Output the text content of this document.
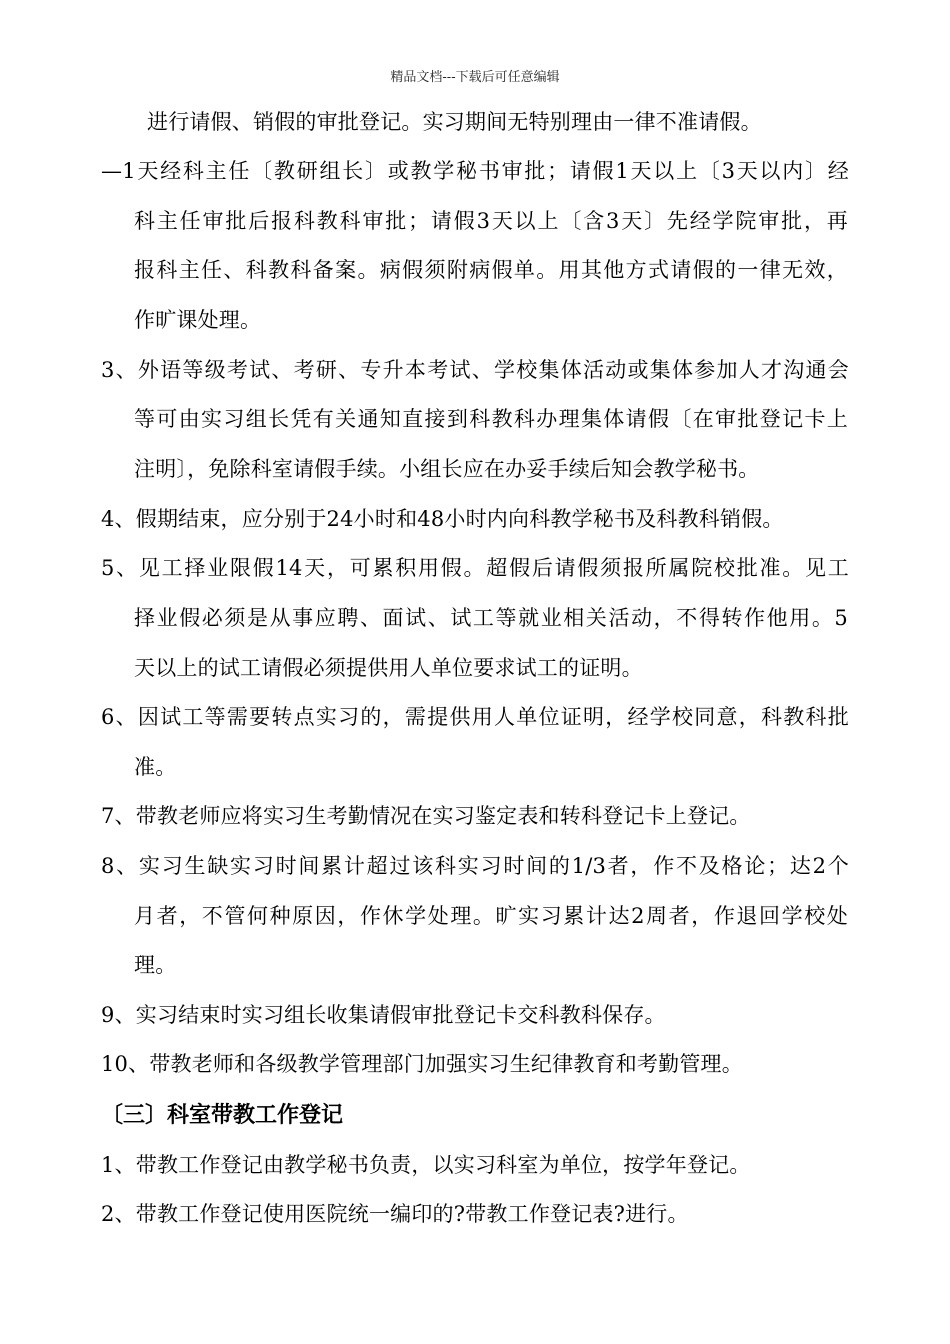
精品文档---下载后可任意编辑
进行请假、销假的审批登记。实习期间无特别理由一律不准请假。
—1天经科主任〔教研组长〕或教学秘书审批；请假1天以上〔3天以内〕经
科主任审批后报科教科审批；请假3天以上〔含3天〕先经学院审批，再
报科主任、科教科备案。病假须附病假单。用其他方式请假的一律无效，
作旷课处理。
3、外语等级考试、考研、专升本考试、学校集体活动或集体参加人才沟通会
等可由实习组长凭有关通知直接到科教科办理集体请假〔在审批登记卡上
注明〕，免除科室请假手续。小组长应在办妥手续后知会教学秘书。
4、假期结束，应分别于24小时和48小时内向科教学秘书及科教科销假。
5、见工择业限假14天，可累积用假。超假后请假须报所属院校批准。见工
择业假必须是从事应聘、面试、试工等就业相关活动，不得转作他用。5
天以上的试工请假必须提供用人单位要求试工的证明。
6、因试工等需要转点实习的，需提供用人单位证明，经学校同意，科教科批
准。
7、带教老师应将实习生考勤情况在实习鉴定表和转科登记卡上登记。
8、实习生缺实习时间累计超过该科实习时间的1/3者，作不及格论；达2个
月者，不管何种原因，作休学处理。旷实习累计达2周者，作退回学校处
理。
9、实习结束时实习组长收集请假审批登记卡交科教科保存。
10、带教老师和各级教学管理部门加强实习生纪律教育和考勤管理。
〔三〕科室带教工作登记
1、带教工作登记由教学秘书负责，以实习科室为单位，按学年登记。
2、带教工作登记使用医院统一编印的?带教工作登记表?进行。
